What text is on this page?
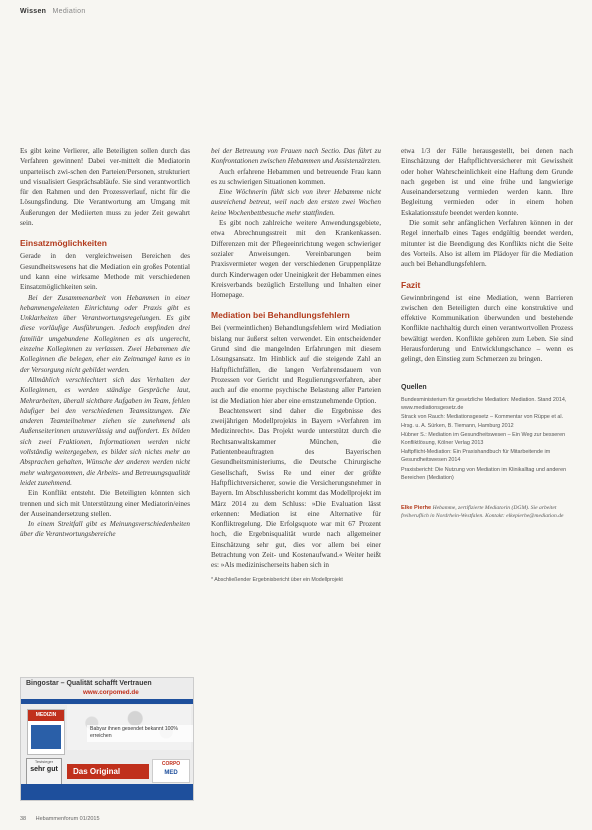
Wissen Mediation

Es gibt keine Verlierer, alle Beteiligten sollen durch das Verfahren gewinnen! Dabei ver-mittelt die Mediatorin unparteiisch zwi-schen den Parteien/Personen, strukturiert und visualisiert Gesprächsabläufe. Sie sind verantwortlich für den Rahmen und den Prozessverlauf, nicht für die Lösungsfindung. Die Verantwortung am Umgang mit Äußerungen der Mediierten muss zu jeder Zeit gewahrt sein.

Einsatzmöglichkeiten

Gerade in den vergleichweisen Bereichen des Gesundheitswesens hat die Mediation ein großes Potential und kann eine wirksame Methode mit verschiedenen Einsatzmöglichkeiten sein.

Bei der Zusammenarbeit von Hebammen in einer hebammengeleiteten Einrichtung oder Praxis gibt es Unklarheiten über Verantwortungsregelungen. Es gibt diese vorläufige Ausführungen. Jedoch empfinden drei familiär umgebundene Kolleginnen es als ungerecht, einzelne Kolleginnen zu verlassen. Zwei Hebammen die Kolleginnen die belegen, eher ein Zeitmangel kann es in der Versorgung nicht gebildet werden.

Allmählich verschlechtert sich das Verhalten der Kolleginnen, es werden ständige Gespräche laut, Mehrarbeiten, überall sichtbare Aufgaben im Team, fehlen häufiger bei den verschiedenen Teamsitzungen. Die anderen Teamteilnehmer ziehen sie zunehmend als Außenseiterinnen unzuverlässig und auffordert. Es bilden sich zwei Fraktionen, Informationen werden nicht vollständig weitergegeben, es bildet sich nichts mehr an Absprachen gehalten, Wünsche der anderen werden nicht mehr wahrgenommen, die Arbeits- und Betreuungsqualität leidet zunehmend.

Ein Konflikt entsteht. Die Beteiligten könnten sich trennen und sich mit Unterstützung einer Mediatorin/eines der Auseinandersetzung stellen.

In einem Streitfall gibt es Meinungsverschiedenheiten über die Verantwortungsbereiche

bei der Betreuung von Frauen nach Sectio. Das führt zu Konfrontationen zwischen Hebammen und Assistenzärzten.

Auch erfahrene Hebammen und betreuende Frau kann es zu schwierigen Situationen kommen.

Eine Wöchnerin fühlt sich von ihrer Hebamme nicht ausreichend betreut, weil nach den ersten zwei Wochen keine Wochenbettbesuche mehr stattfinden.

Es gibt noch zahlreiche weitere Anwendungsgebiete, etwa Abrechnungsstreit mit den Krankenkassen. Differenzen mit der Pflegeeinrichtung wegen schwieriger sozialer Anweisungen. Vereinbarungen beim Praxisvermieter wegen der verschiedenen Gruppenplätze durch Kinderwagen oder Uneinigkeit der Hebammen eines Kreisverbands bezüglich Erstellung und Inhalten einer Homepage.

Mediation bei Behandlungsfehlern

Bei (vermeintlichen) Behandlungsfehlern wird Mediation bislang nur äußerst selten verwendet. Ein entscheidender Grund sind die mangelnden Erfahrungen mit diesem Lösungsansatz. Im Hinblick auf die steigende Zahl an Haftpflichtfällen, die langen Verfahrensdauern von Prozessen vor Gericht und Regulierungsverfahren, aber auch auf die enorme psychische Belastung aller Parteien ist die Mediation hier aber eine ernstzunehmende Option.

Beachtenswert sind daher die Ergebnisse des zweijährigen Modellprojekts in Bayern »Verfahren im Medizinrecht«. Das Projekt wurde unterstützt durch die Rechtsanwaltskammer München, die Patientenbeauftragten des Bayerischen Gesundheitsministeriums, die Deutsche Chirurgische Gesellschaft, Swiss Re und einer der größte Haftpflichtversicherer, sowie die Versicherungsnehmer in Bayern. Im Abschlussbericht kommt das Modellprojekt im März 2014 zu dem Schluss: »Die Evaluation lässt erkennen: Mediation ist eine Alternative für Konfliktregelung. Die Erfolgsquote war mit 67 Prozent hoch, die Ergebnisqualität wurde nach allgemeiner Einschätzung sehr gut, dies vor allem bei einer Betrachtung von Zeit- und Kostenaufwand.« Weiter heißt es: »Als medizinischerseits haben sich in

* Abschließender Ergebnisbericht über ein Modellprojekt

etwa 1/3 der Fälle herausgestellt, bei denen nach Einschätzung der Haftpflichtversicherer mit Gewissheit oder hoher Wahrscheinlichkeit eine Haftung dem Grunde nach gegeben ist und eine frühe und langwierige Auseinandersetzung vermieden werden kann. Ihre Begleitung vermieden oder in einem hohen Eskalationsstufe beendet werden konnte.

Die somit sehr anfänglichen Verfahren können in der Regel innerhalb eines Tages endgültig beendet werden, mitunter ist die Beendigung des Konflikts nicht die Seite des Vorteils. Also ist allem im Plädoyer für die Mediation auch bei Behandlungsfehlern.

Fazit

Gewinnbringend ist eine Mediation, wenn Barrieren zwischen den Beteiligten durch eine konstruktive und effektive Kommunikation überwunden und bestehende Konflikte nachhaltig durch einen verantwortvollen Prozess bewältigt werden. Konflikte gehören zum Leben. Sie sind Herausforderung und Entwicklungschance – wenn es gelingt, den Einstieg zum Schmerzen zu bringen.

Quellen
Bundesministerium für gesetzliche Mediation: Mediation. Stand 2014, www.mediationsgesetz.de
Strack von Rauch: Mediationsgesetz – Kommentar von Rüppe et al. Hrsg. u. A. Sürken, B. Tiemann, Hamburg 2012
Hübner S.: Mediation im Gesundheitswesen – Ein Weg zur besseren Konfliktlösung, Kölner Verlag 2013
Haftpflicht-Mediation: Ein Praxishandbuch für Mitarbeitende im Gesundheitswesen 2014
Praxisbericht: Die Nutzung von Mediation im Klinikalltag und anderen Bereichen (Mediation)
Elke Pierhe Hebamme, zertifizierte Mediatorin (DGM). Sie arbeitet freiberuflich in Nordrhein-Westfalen. Kontakt: elkepierhe@mediation.de
Bingostar – Qualität schafft Vertrauen
www.corpomed.de
MEDIZIN
Testsieger
sehr gut
Babyar ihnen gesendet bekannt 100% erreichen
Das Original
CORPO
MED
38 Hebammenforum 01/2015
